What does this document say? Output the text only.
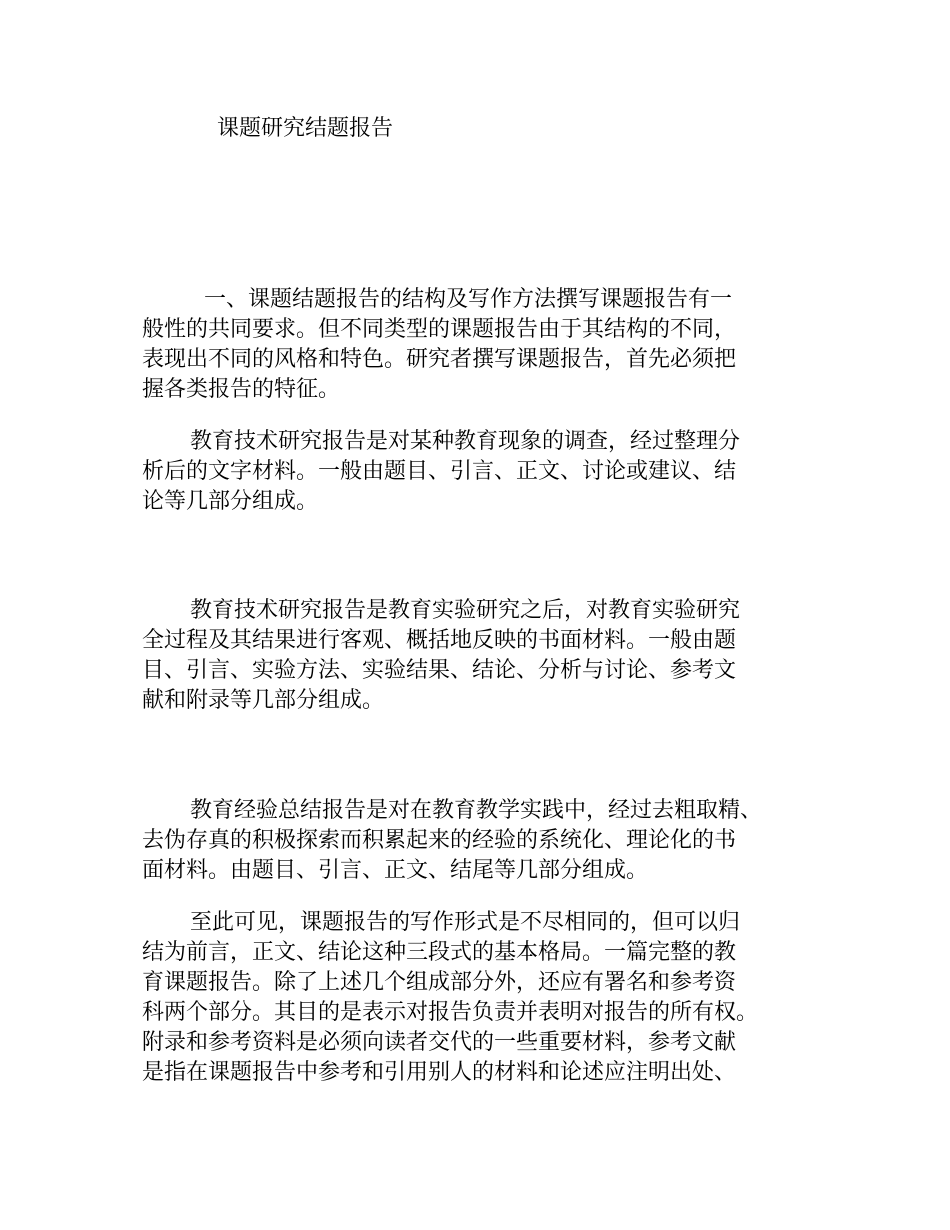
课题研究结题报告
一、课题结题报告的结构及写作方法撰写课题报告有一
般性的共同要求。但不同类型的课题报告由于其结构的不同，
表现出不同的风格和特色。研究者撰写课题报告，首先必须把
握各类报告的特征。
教育技术研究报告是对某种教育现象的调查，经过整理分
析后的文字材料。一般由题目、引言、正文、讨论或建议、结
论等几部分组成。
教育技术研究报告是教育实验研究之后，对教育实验研究
全过程及其结果进行客观、概括地反映的书面材料。一般由题
目、引言、实验方法、实验结果、结论、分析与讨论、参考文
献和附录等几部分组成。
教育经验总结报告是对在教育教学实践中，经过去粗取精、
去伪存真的积极探索而积累起来的经验的系统化、理论化的书
面材料。由题目、引言、正文、结尾等几部分组成。
至此可见，课题报告的写作形式是不尽相同的，但可以归
结为前言，正文、结论这种三段式的基本格局。一篇完整的教
育课题报告。除了上述几个组成部分外，还应有署名和参考资
科两个部分。其目的是表示对报告负责并表明对报告的所有权。
附录和参考资料是必须向读者交代的一些重要材料，参考文献
是指在课题报告中参考和引用别人的材料和论述应注明出处、
